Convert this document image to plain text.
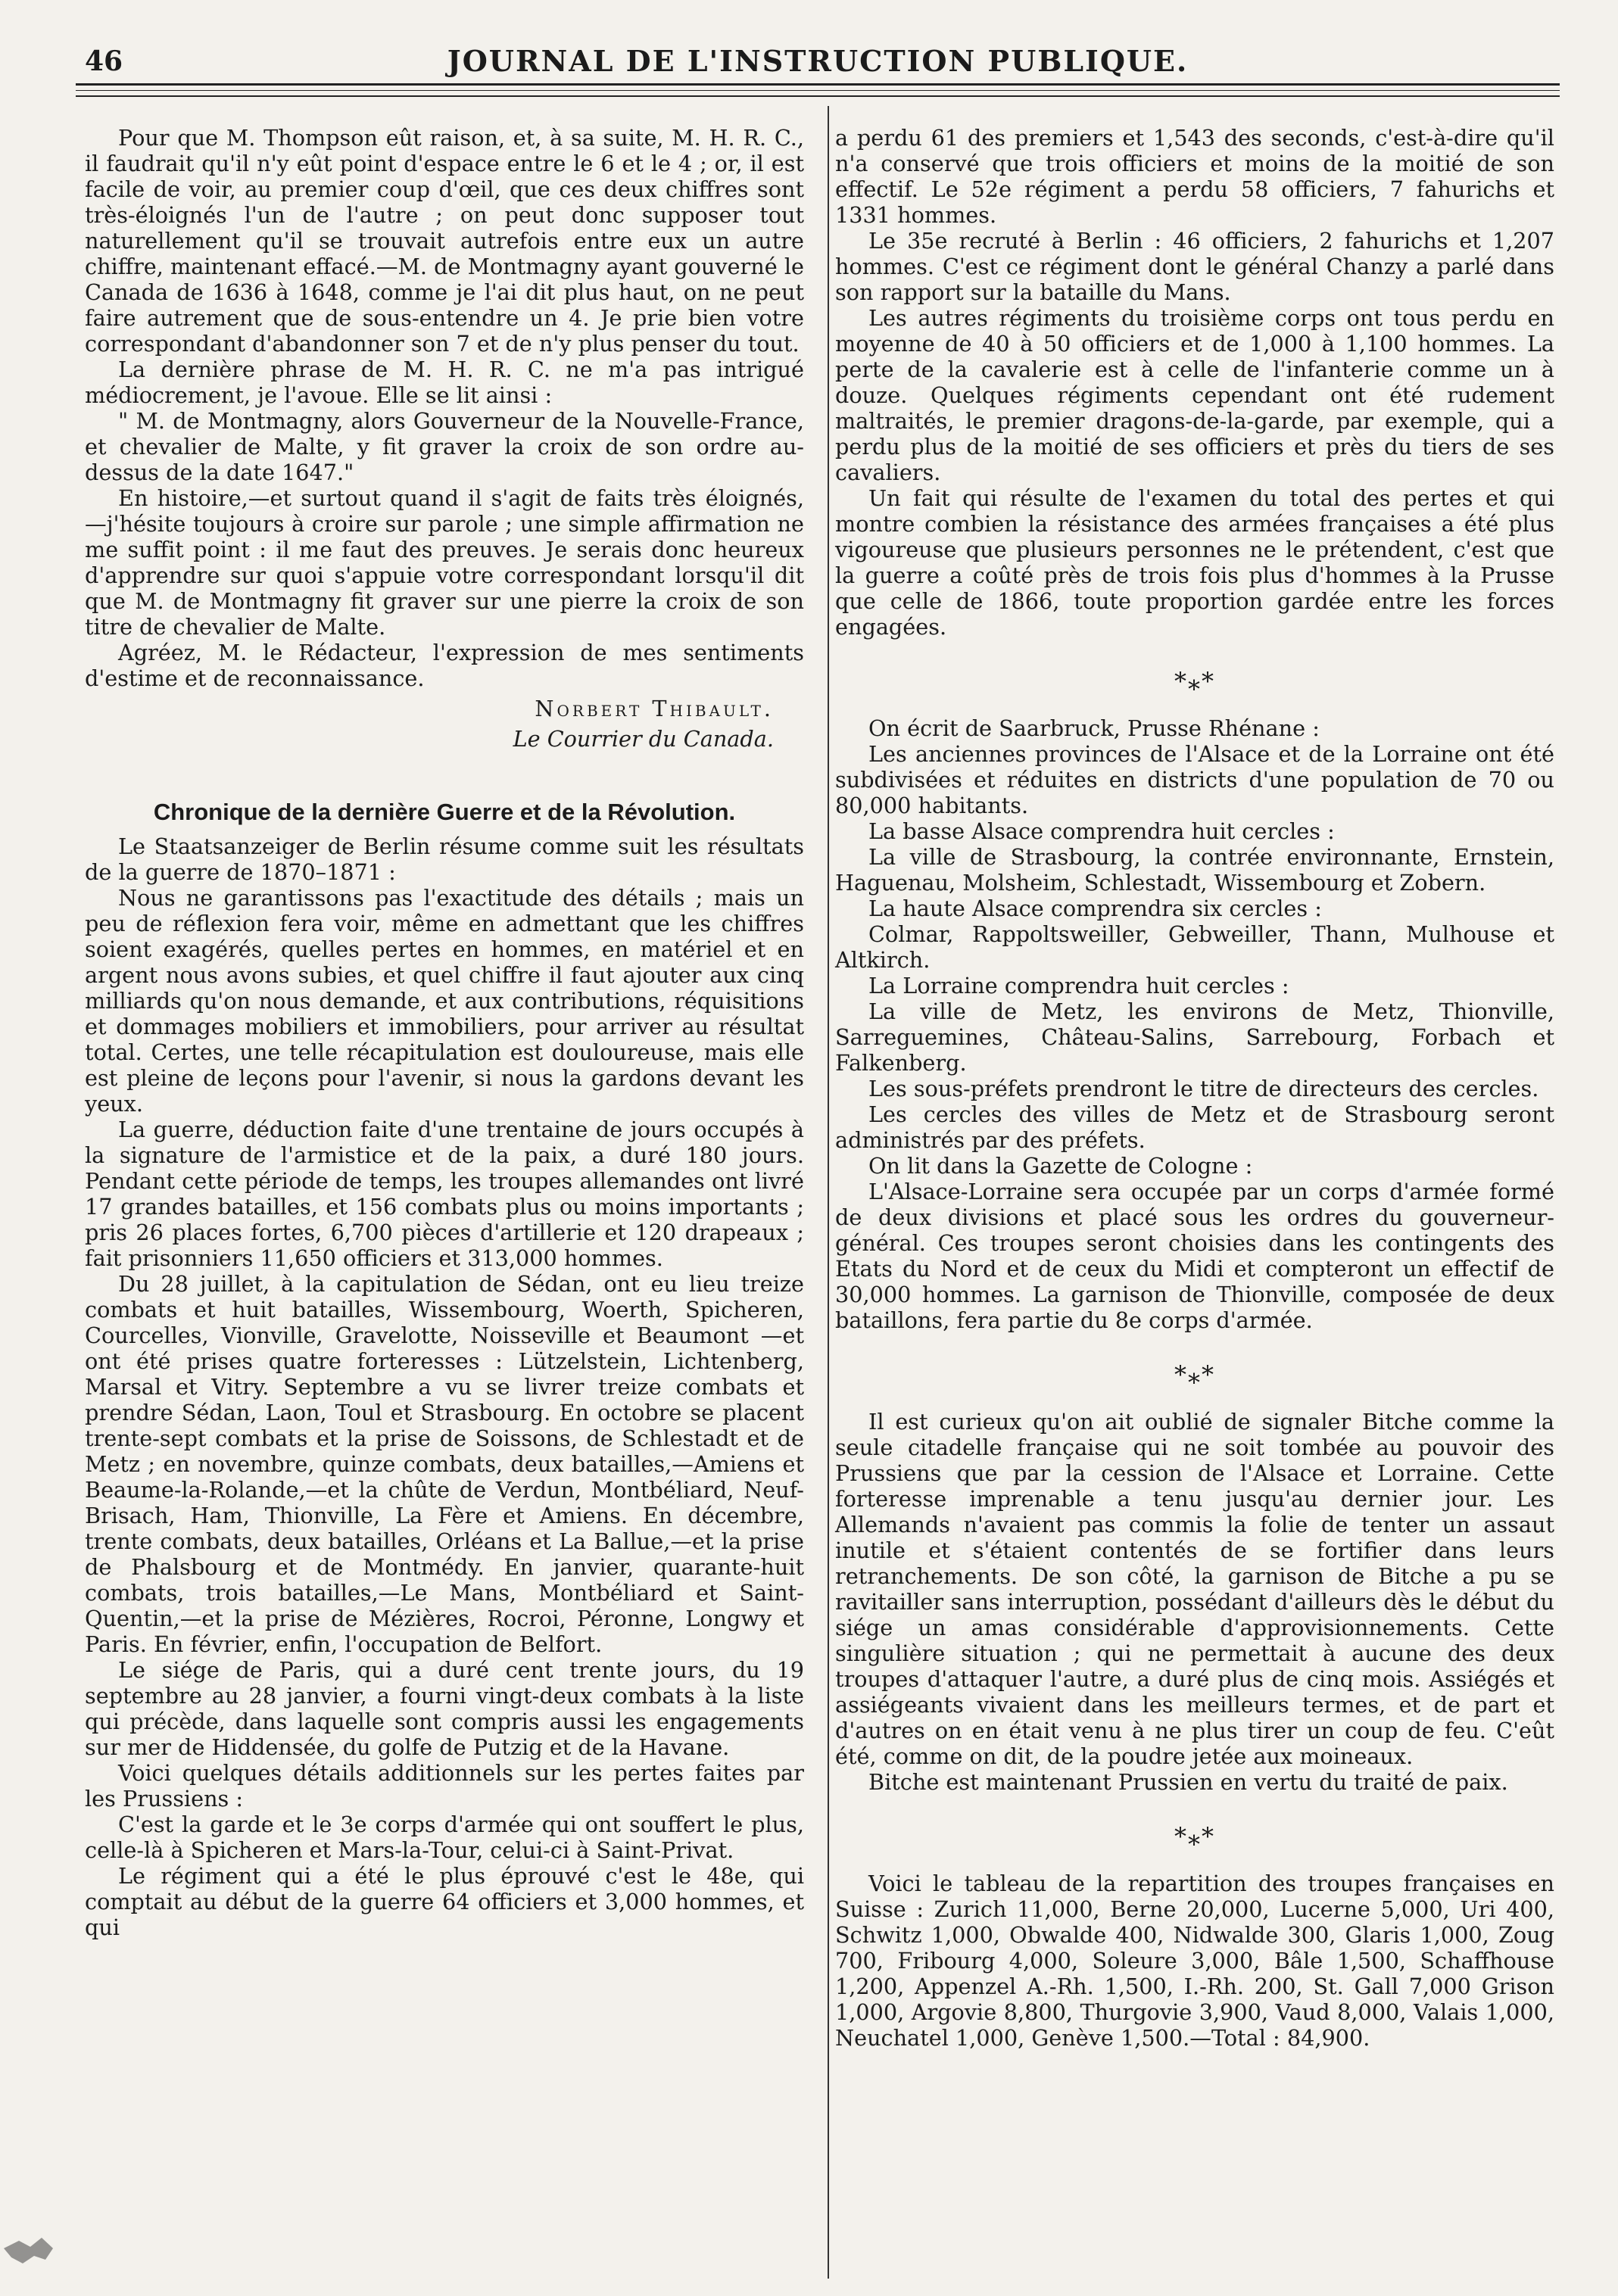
46	JOURNAL DE L'INSTRUCTION PUBLIQUE.

Pour que M. Thompson eût raison, et, à sa suite, M. H. R. C., il faudrait qu'il n'y eût point d'espace entre le 6 et le 4 ; or, il est facile de voir, au premier coup d'œil, que ces deux chiffres sont très-éloignés l'un de l'autre ; on peut donc supposer tout naturellement qu'il se trouvait autrefois entre eux un autre chiffre, maintenant effacé.—M. de Montmagny ayant gouverné le Canada de 1636 à 1648, comme je l'ai dit plus haut, on ne peut faire autrement que de sous-entendre un 4. Je prie bien votre correspondant d'abandonner son 7 et de n'y plus penser du tout.

La dernière phrase de M. H. R. C. ne m'a pas intrigué médiocrement, je l'avoue. Elle se lit ainsi :

" M. de Montmagny, alors Gouverneur de la Nouvelle-France, et chevalier de Malte, y fit graver la croix de son ordre au-dessus de la date 1647."

En histoire,—et surtout quand il s'agit de faits très éloignés, —j'hésite toujours à croire sur parole ; une simple affirmation ne me suffit point : il me faut des preuves. Je serais donc heureux d'apprendre sur quoi s'appuie votre correspondant lorsqu'il dit que M. de Montmagny fit graver sur une pierre la croix de son titre de chevalier de Malte.

Agréez, M. le Rédacteur, l'expression de mes sentiments d'estime et de reconnaissance.

Norbert Thibault.

Le Courrier du Canada.

Chronique de la dernière Guerre et de la Révolution.

Le Staatsanzeiger de Berlin résume comme suit les résultats de la guerre de 1870–1871 :

Nous ne garantissons pas l'exactitude des détails ; mais un peu de réflexion fera voir, même en admettant que les chiffres soient exagérés, quelles pertes en hommes, en matériel et en argent nous avons subies, et quel chiffre il faut ajouter aux cinq milliards qu'on nous demande, et aux contributions, réquisitions et dommages mobiliers et immobiliers, pour arriver au résultat total. Certes, une telle récapitulation est douloureuse, mais elle est pleine de leçons pour l'avenir, si nous la gardons devant les yeux.

La guerre, déduction faite d'une trentaine de jours occupés à la signature de l'armistice et de la paix, a duré 180 jours. Pendant cette période de temps, les troupes allemandes ont livré 17 grandes batailles, et 156 combats plus ou moins importants ; pris 26 places fortes, 6,700 pièces d'artillerie et 120 drapeaux ; fait prisonniers 11,650 officiers et 313,000 hommes.

Du 28 juillet, à la capitulation de Sédan, ont eu lieu treize combats et huit batailles, Wissembourg, Woerth, Spicheren, Courcelles, Vionville, Gravelotte, Noisseville et Beaumont —et ont été prises quatre forteresses : Lützelstein, Lichtenberg, Marsal et Vitry. Septembre a vu se livrer treize combats et prendre Sédan, Laon, Toul et Strasbourg. En octobre se placent trente-sept combats et la prise de Soissons, de Schlestadt et de Metz ; en novembre, quinze combats, deux batailles,—Amiens et Beaume-la-Rolande,—et la chûte de Verdun, Montbéliard, Neuf-Brisach, Ham, Thionville, La Fère et Amiens. En décembre, trente combats, deux batailles, Orléans et La Ballue,—et la prise de Phalsbourg et de Montmédy. En janvier, quarante-huit combats, trois batailles,—Le Mans, Montbéliard et Saint-Quentin,—et la prise de Mézières, Rocroi, Péronne, Longwy et Paris. En février, enfin, l'occupation de Belfort.

Le siége de Paris, qui a duré cent trente jours, du 19 septembre au 28 janvier, a fourni vingt-deux combats à la liste qui précède, dans laquelle sont compris aussi les engagements sur mer de Hiddensée, du golfe de Putzig et de la Havane.

Voici quelques détails additionnels sur les pertes faites par les Prussiens :

C'est la garde et le 3e corps d'armée qui ont souffert le plus, celle-là à Spicheren et Mars-la-Tour, celui-ci à Saint-Privat.

Le régiment qui a été le plus éprouvé c'est le 48e, qui comptait au début de la guerre 64 officiers et 3,000 hommes, et qui

a perdu 61 des premiers et 1,543 des seconds, c'est-à-dire qu'il n'a conservé que trois officiers et moins de la moitié de son effectif. Le 52e régiment a perdu 58 officiers, 7 fahurichs et 1331 hommes.

Le 35e recruté à Berlin : 46 officiers, 2 fahurichs et 1,207 hommes. C'est ce régiment dont le général Chanzy a parlé dans son rapport sur la bataille du Mans.

Les autres régiments du troisième corps ont tous perdu en moyenne de 40 à 50 officiers et de 1,000 à 1,100 hommes. La perte de la cavalerie est à celle de l'infanterie comme un à douze. Quelques régiments cependant ont été rudement maltraités, le premier dragons-de-la-garde, par exemple, qui a perdu plus de la moitié de ses officiers et près du tiers de ses cavaliers.

Un fait qui résulte de l'examen du total des pertes et qui montre combien la résistance des armées françaises a été plus vigoureuse que plusieurs personnes ne le prétendent, c'est que la guerre a coûté près de trois fois plus d'hommes à la Prusse que celle de 1866, toute proportion gardée entre les forces engagées.

*⁎*

On écrit de Saarbruck, Prusse Rhénane :

Les anciennes provinces de l'Alsace et de la Lorraine ont été subdivisées et réduites en districts d'une population de 70 ou 80,000 habitants.

La basse Alsace comprendra huit cercles :

La ville de Strasbourg, la contrée environnante, Ernstein, Haguenau, Molsheim, Schlestadt, Wissembourg et Zobern.

La haute Alsace comprendra six cercles :

Colmar, Rappoltsweiller, Gebweiller, Thann, Mulhouse et Altkirch.

La Lorraine comprendra huit cercles :

La ville de Metz, les environs de Metz, Thionville, Sarreguemines, Château-Salins, Sarrebourg, Forbach et Falkenberg.

Les sous-préfets prendront le titre de directeurs des cercles.

Les cercles des villes de Metz et de Strasbourg seront administrés par des préfets.

On lit dans la Gazette de Cologne :

L'Alsace-Lorraine sera occupée par un corps d'armée formé de deux divisions et placé sous les ordres du gouverneur-général. Ces troupes seront choisies dans les contingents des Etats du Nord et de ceux du Midi et compteront un effectif de 30,000 hommes. La garnison de Thionville, composée de deux bataillons, fera partie du 8e corps d'armée.

*⁎*

Il est curieux qu'on ait oublié de signaler Bitche comme la seule citadelle française qui ne soit tombée au pouvoir des Prussiens que par la cession de l'Alsace et Lorraine. Cette forteresse imprenable a tenu jusqu'au dernier jour. Les Allemands n'avaient pas commis la folie de tenter un assaut inutile et s'étaient contentés de se fortifier dans leurs retranchements. De son côté, la garnison de Bitche a pu se ravitailler sans interruption, possédant d'ailleurs dès le début du siége un amas considérable d'approvisionnements. Cette singulière situation ; qui ne permettait à aucune des deux troupes d'attaquer l'autre, a duré plus de cinq mois. Assiégés et assiégeants vivaient dans les meilleurs termes, et de part et d'autres on en était venu à ne plus tirer un coup de feu. C'eût été, comme on dit, de la poudre jetée aux moineaux.

Bitche est maintenant Prussien en vertu du traité de paix.

*⁎*

Voici le tableau de la repartition des troupes françaises en Suisse : Zurich 11,000, Berne 20,000, Lucerne 5,000, Uri 400, Schwitz 1,000, Obwalde 400, Nidwalde 300, Glaris 1,000, Zoug 700, Fribourg 4,000, Soleure 3,000, Bâle 1,500, Schaffhouse 1,200, Appenzel A.-Rh. 1,500, I.-Rh. 200, St. Gall 7,000 Grison 1,000, Argovie 8,800, Thurgovie 3,900, Vaud 8,000, Valais 1,000, Neuchatel 1,000, Genève 1,500.—Total : 84,900.
